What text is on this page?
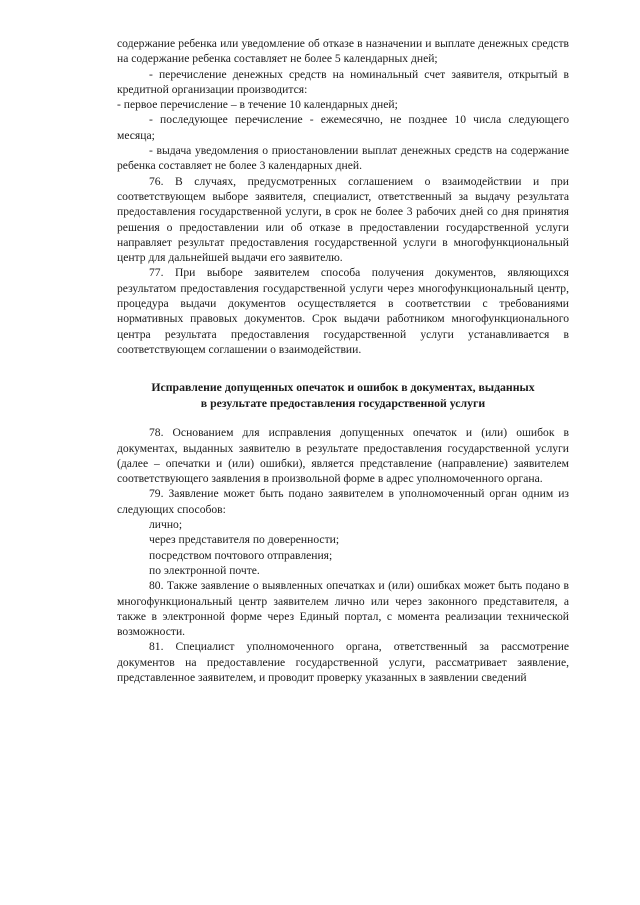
содержание ребенка или уведомление об отказе в назначении и выплате денежных средств на содержание ребенка составляет не более 5 календарных дней;

- перечисление денежных средств на номинальный счет заявителя, открытый в кредитной организации производится:

- первое перечисление – в течение 10 календарных дней;

- последующее перечисление - ежемесячно, не позднее 10 числа следующего месяца;

- выдача уведомления о приостановлении выплат денежных средств на содержание ребенка составляет не более 3 календарных дней.

76. В случаях, предусмотренных соглашением о взаимодействии и при соответствующем выборе заявителя, специалист, ответственный за выдачу результата предоставления государственной услуги, в срок не более 3 рабочих дней со дня принятия решения о предоставлении или об отказе в предоставлении государственной услуги направляет результат предоставления государственной услуги в многофункциональный центр для дальнейшей выдачи его заявителю.

77. При выборе заявителем способа получения документов, являющихся результатом предоставления государственной услуги через многофункциональный центр, процедура выдачи документов осуществляется в соответствии с требованиями нормативных правовых документов. Срок выдачи работником многофункционального центра результата предоставления государственной услуги устанавливается в соответствующем соглашении о взаимодействии.

Исправление допущенных опечаток и ошибок в документах, выданных
в результате предоставления государственной услуги

78. Основанием для исправления допущенных опечаток и (или) ошибок в документах, выданных заявителю в результате предоставления государственной услуги (далее – опечатки и (или) ошибки), является представление (направление) заявителем соответствующего заявления в произвольной форме в адрес уполномоченного органа.

79. Заявление может быть подано заявителем в уполномоченный орган одним из следующих способов:

лично;

через представителя по доверенности;

посредством почтового отправления;

по электронной почте.

80. Также заявление о выявленных опечатках и (или) ошибках может быть подано в многофункциональный центр заявителем лично или через законного представителя, а также в электронной форме через Единый портал, с момента реализации технической возможности.

81. Специалист уполномоченного органа, ответственный за рассмотрение документов на предоставление государственной услуги, рассматривает заявление, представленное заявителем, и проводит проверку указанных в заявлении сведений
